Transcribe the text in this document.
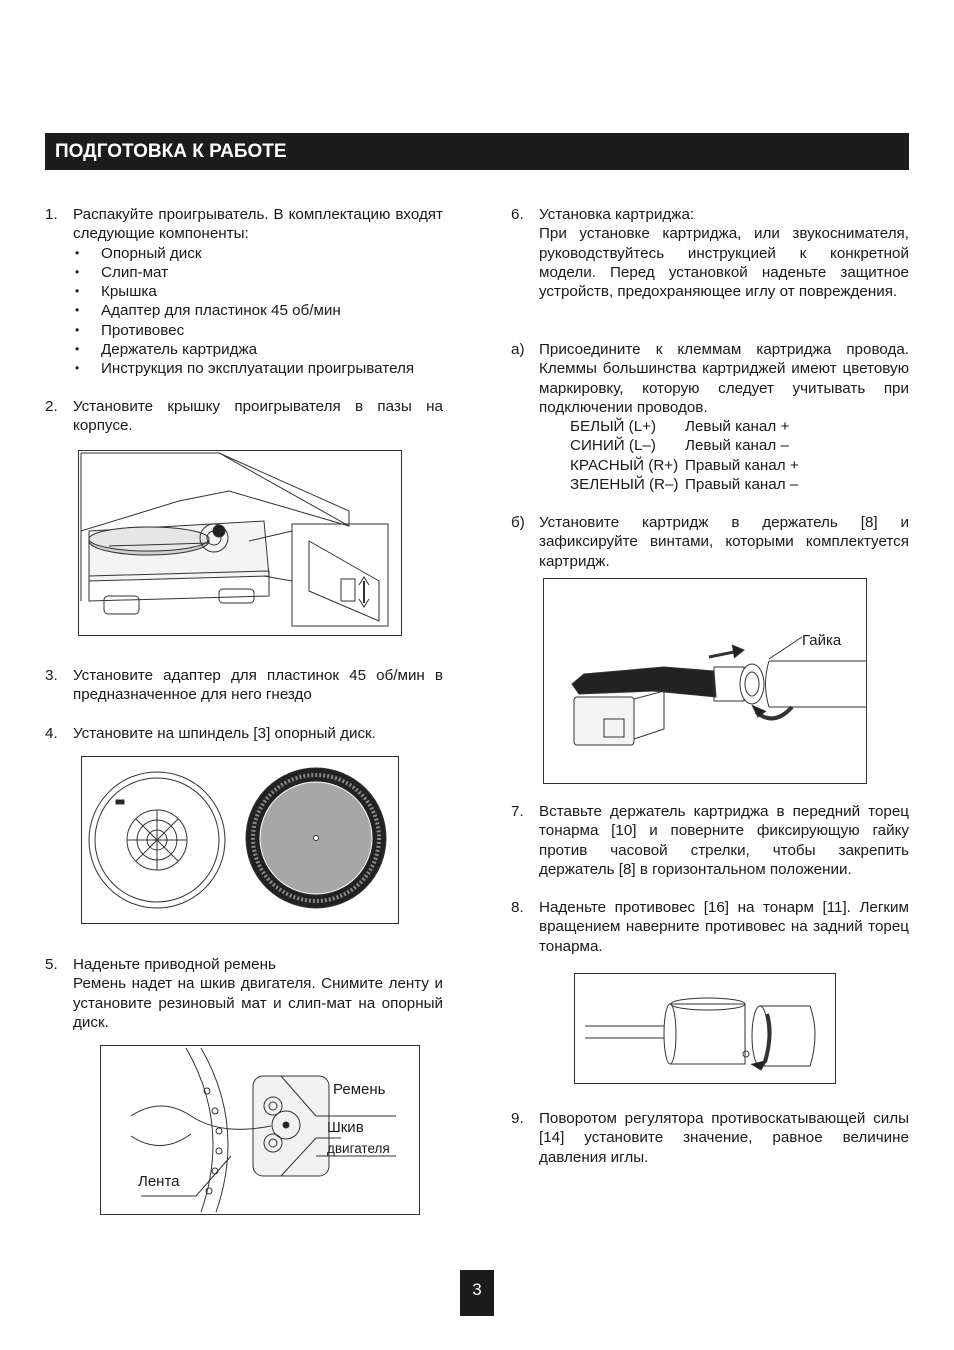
ПОДГОТОВКА К РАБОТЕ
1. Распакуйте проигрыватель. В комплектацию входят следующие компоненты:

• Опорный диск
• Слип-мат
• Крышка
• Адаптер для пластинок 45 об/мин
• Противовес
• Держатель картриджа
• Инструкция по эксплуатации проигрывателя
2. Установите крышку проигрывателя в пазы на корпусе.

3. Установите адаптер для пластинок 45 об/мин в предназначенное для него гнездо

4. Установите на шпиндель [3] опорный диск.

5. Наденьте приводной ремень

Ремень надет на шкив двигателя. Снимите ленту и установите резиновый мат и слип-мат на опорный диск.

Ремень
Шкив
двигателя
Лента
6. Установка картриджа:

При установке картриджа, или звукоснимателя, руководствуйтесь инструкцией к конкретной модели. Перед установкой наденьте защитное устройств, предохраняющее иглу от повреждения.

а) Присоедините к клеммам картриджа провода. Клеммы большинства картриджей имеют цветовую маркировку, которую следует учитывать при подключении проводов.

БЕЛЫЙ (L+)	Левый канал +
СИНИЙ (L–)	Левый канал –
КРАСНЫЙ (R+) Правый канал +
ЗЕЛЕНЫЙ (R–) Правый канал –
б) Установите картридж в держатель [8] и зафиксируйте винтами, которыми комплектуется картридж.

7. Вставьте держатель картриджа в передний торец тонарма [10] и поверните фиксирующую гайку против часовой стрелки, чтобы закрепить держатель [8] в горизонтальном положении.

8. Наденьте противовес [16] на тонарм [11]. Легким вращением наверните противовес на задний торец тонарма.

9. Поворотом регулятора противоскатывающей силы [14] установите значение, равное величине давления иглы.

Гайка
3
